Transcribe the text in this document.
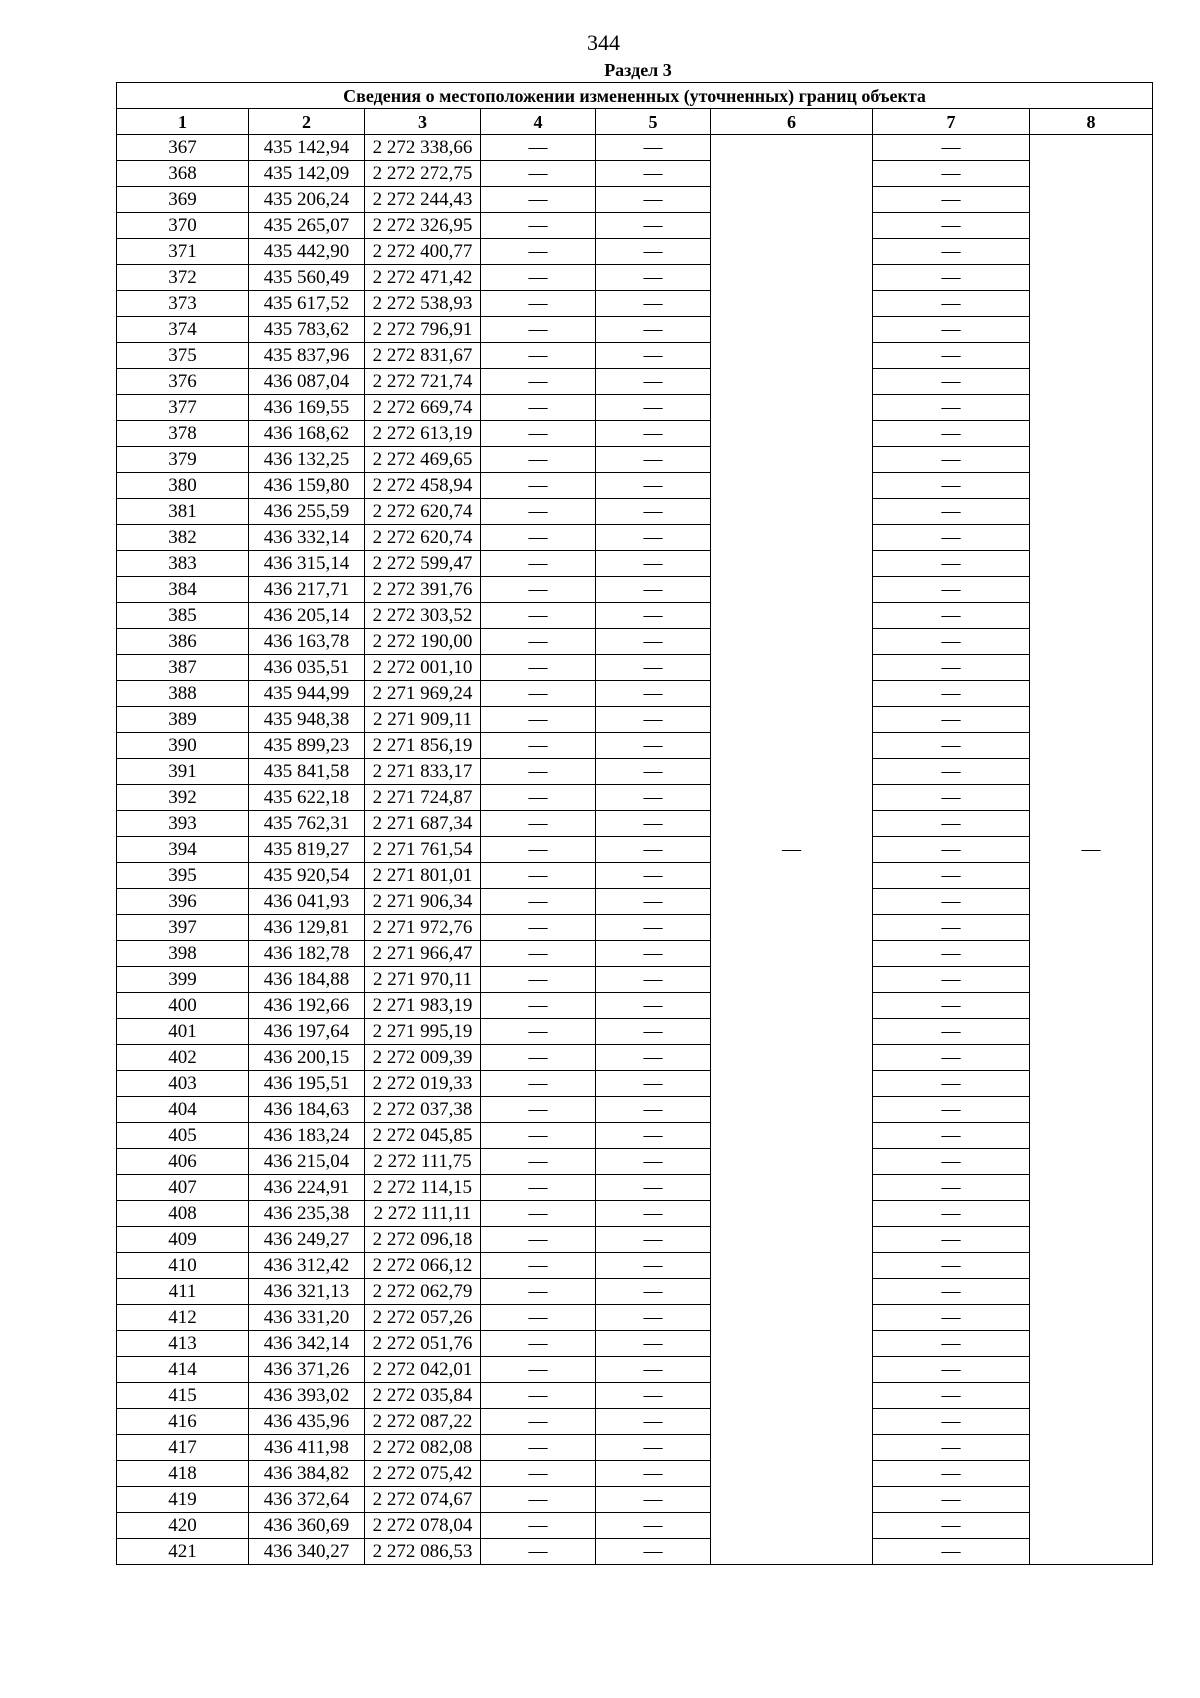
344
Раздел 3
Сведения о местоположении измененных (уточненных) границ объекта							
1	2	3	4	5	6	7	8
367	435 142,94	2 272 338,66	—	—	—	—	—
368	435 142,09	2 272 272,75	—	—		—	
369	435 206,24	2 272 244,43	—	—		—	
370	435 265,07	2 272 326,95	—	—		—	
371	435 442,90	2 272 400,77	—	—		—	
372	435 560,49	2 272 471,42	—	—		—	
373	435 617,52	2 272 538,93	—	—		—	
374	435 783,62	2 272 796,91	—	—		—	
375	435 837,96	2 272 831,67	—	—		—	
376	436 087,04	2 272 721,74	—	—		—	
377	436 169,55	2 272 669,74	—	—		—	
378	436 168,62	2 272 613,19	—	—		—	
379	436 132,25	2 272 469,65	—	—		—	
380	436 159,80	2 272 458,94	—	—		—	
381	436 255,59	2 272 620,74	—	—		—	
382	436 332,14	2 272 620,74	—	—		—	
383	436 315,14	2 272 599,47	—	—		—	
384	436 217,71	2 272 391,76	—	—		—	
385	436 205,14	2 272 303,52	—	—		—	
386	436 163,78	2 272 190,00	—	—		—	
387	436 035,51	2 272 001,10	—	—		—	
388	435 944,99	2 271 969,24	—	—		—	
389	435 948,38	2 271 909,11	—	—		—	
390	435 899,23	2 271 856,19	—	—		—	
391	435 841,58	2 271 833,17	—	—		—	
392	435 622,18	2 271 724,87	—	—		—	
393	435 762,31	2 271 687,34	—	—		—	
394	435 819,27	2 271 761,54	—	—		—	
395	435 920,54	2 271 801,01	—	—		—	
396	436 041,93	2 271 906,34	—	—		—	
397	436 129,81	2 271 972,76	—	—		—	
398	436 182,78	2 271 966,47	—	—		—	
399	436 184,88	2 271 970,11	—	—		—	
400	436 192,66	2 271 983,19	—	—		—	
401	436 197,64	2 271 995,19	—	—		—	
402	436 200,15	2 272 009,39	—	—		—	
403	436 195,51	2 272 019,33	—	—		—	
404	436 184,63	2 272 037,38	—	—		—	
405	436 183,24	2 272 045,85	—	—		—	
406	436 215,04	2 272 111,75	—	—		—	
407	436 224,91	2 272 114,15	—	—		—	
408	436 235,38	2 272 111,11	—	—		—	
409	436 249,27	2 272 096,18	—	—		—	
410	436 312,42	2 272 066,12	—	—		—	
411	436 321,13	2 272 062,79	—	—		—	
412	436 331,20	2 272 057,26	—	—		—	
413	436 342,14	2 272 051,76	—	—		—	
414	436 371,26	2 272 042,01	—	—		—	
415	436 393,02	2 272 035,84	—	—		—	
416	436 435,96	2 272 087,22	—	—		—	
417	436 411,98	2 272 082,08	—	—		—	
418	436 384,82	2 272 075,42	—	—		—	
419	436 372,64	2 272 074,67	—	—		—	
420	436 360,69	2 272 078,04	—	—		—	
421	436 340,27	2 272 086,53	—	—		—	
